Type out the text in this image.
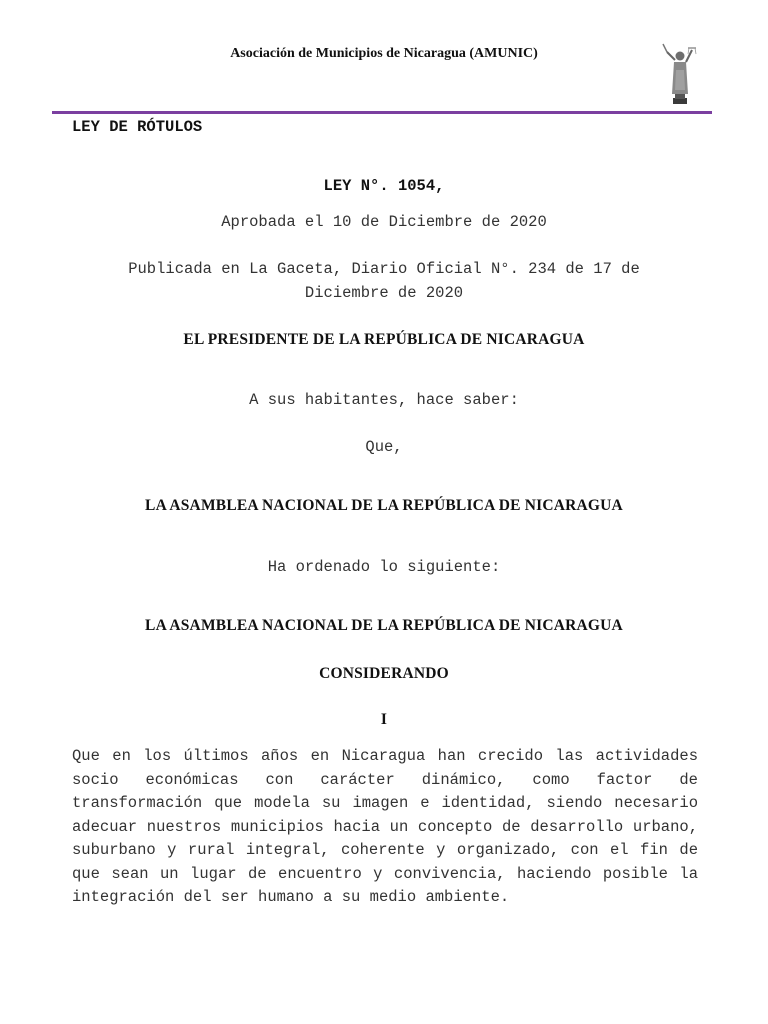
Asociación de Municipios de Nicaragua (AMUNIC)
LEY DE RÓTULOS
LEY N°. 1054,
Aprobada el 10 de Diciembre de 2020
Publicada en La Gaceta, Diario Oficial N°. 234 de 17 de
Diciembre de 2020
EL PRESIDENTE DE LA REPÚBLICA DE NICARAGUA
A sus habitantes, hace saber:
Que,
LA ASAMBLEA NACIONAL DE LA REPÚBLICA DE NICARAGUA
Ha ordenado lo siguiente:
LA ASAMBLEA NACIONAL DE LA REPÚBLICA DE NICARAGUA
CONSIDERANDO
I

Que en los últimos años en Nicaragua han crecido las actividades socio económicas con carácter dinámico, como factor de transformación que modela su imagen e identidad, siendo necesario adecuar nuestros municipios hacia un concepto de desarrollo urbano, suburbano y rural integral, coherente y organizado, con el fin de que sean un lugar de encuentro y convivencia, haciendo posible la integración del ser humano a su medio ambiente.
